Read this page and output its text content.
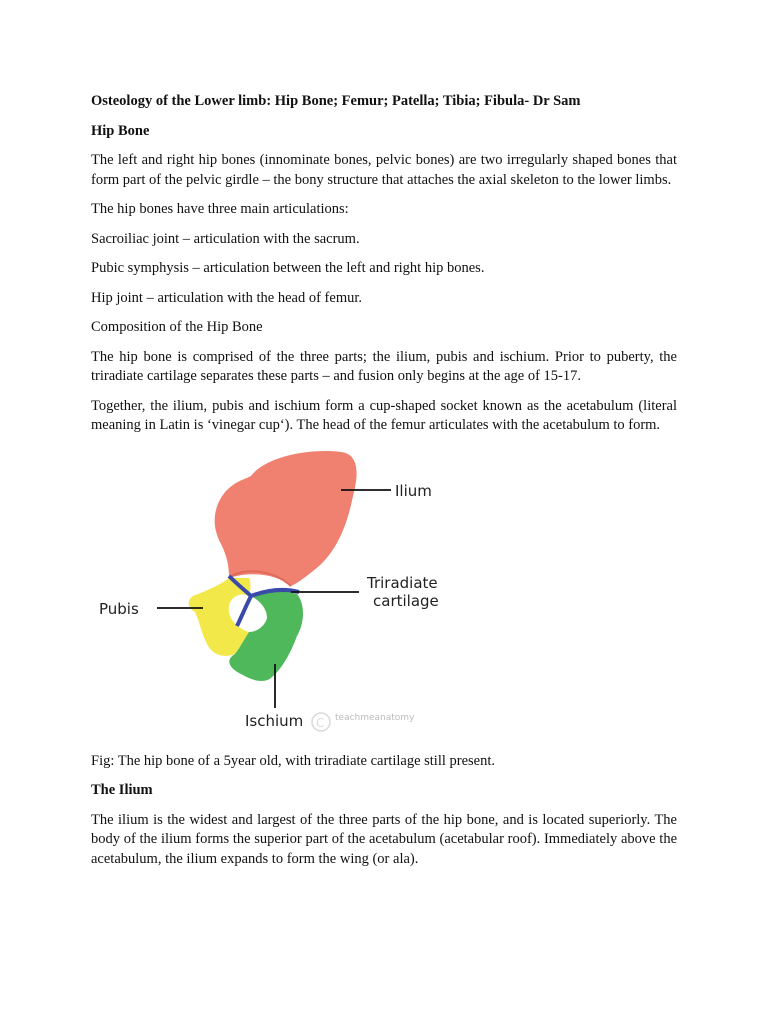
Osteology of the Lower limb: Hip Bone; Femur; Patella; Tibia; Fibula- Dr Sam

Hip Bone

The left and right hip bones (innominate bones, pelvic bones) are two irregularly shaped bones that form part of the pelvic girdle – the bony structure that attaches the axial skeleton to the lower limbs.

The hip bones have three main articulations:

Sacroiliac joint – articulation with the sacrum.

Pubic symphysis – articulation between the left and right hip bones.

Hip joint – articulation with the head of femur.

Composition of the Hip Bone

The hip bone is comprised of the three parts; the ilium, pubis and ischium. Prior to puberty, the triradiate cartilage separates these parts – and fusion only begins at the age of 15-17.

Together, the ilium, pubis and ischium form a cup-shaped socket known as the acetabulum (literal meaning in Latin is ‘vinegar cup‘). The head of the femur articulates with the acetabulum to form.

Ilium
Triradiate
cartilage
Pubis
Ischium C teachmeanatomy

Fig: The hip bone of a 5year old, with triradiate cartilage still present.

The Ilium

The ilium is the widest and largest of the three parts of the hip bone, and is located superiorly. The body of the ilium forms the superior part of the acetabulum (acetabular roof). Immediately above the acetabulum, the ilium expands to form the wing (or ala).
